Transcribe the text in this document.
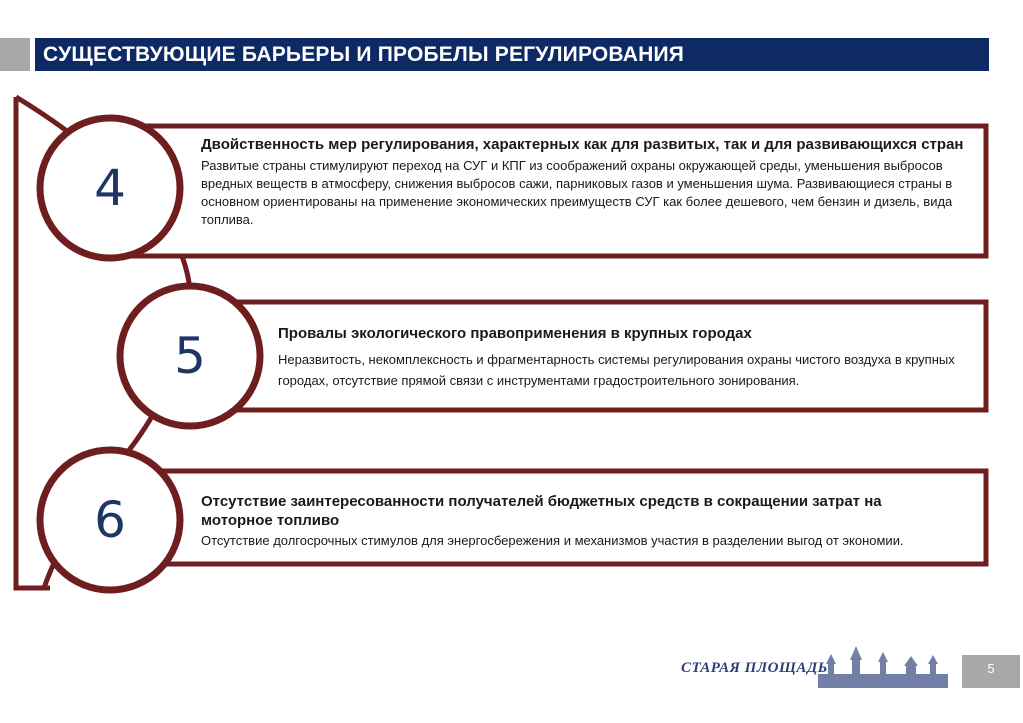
СУЩЕСТВУЮЩИЕ БАРЬЕРЫ И ПРОБЕЛЫ РЕГУЛИРОВАНИЯ
4
5
6

Двойственность мер регулирования, характерных как для развитых, так и для развивающихся стран

Развитые страны стимулируют переход на СУГ и КПГ из соображений охраны окружающей среды, уменьшения выбросов вредных веществ в атмосферу, снижения выбросов сажи, парниковых газов и уменьшения шума. Развивающиеся страны в основном ориентированы на применение экономических преимуществ СУГ как более дешевого, чем бензин и дизель, вида топлива.

Провалы экологического правоприменения в крупных городах

Неразвитость, некомплексность и фрагментарность системы регулирования охраны чистого воздуха в крупных городах, отсутствие прямой связи с инструментами градостроительного зонирования.

Отсутствие заинтересованности получателей бюджетных средств в сокращении затрат на моторное топливо

Отсутствие долгосрочных стимулов для энергосбережения и механизмов участия в разделении выгод от экономии.

СТАРАЯ ПЛОЩАДЬ	5
